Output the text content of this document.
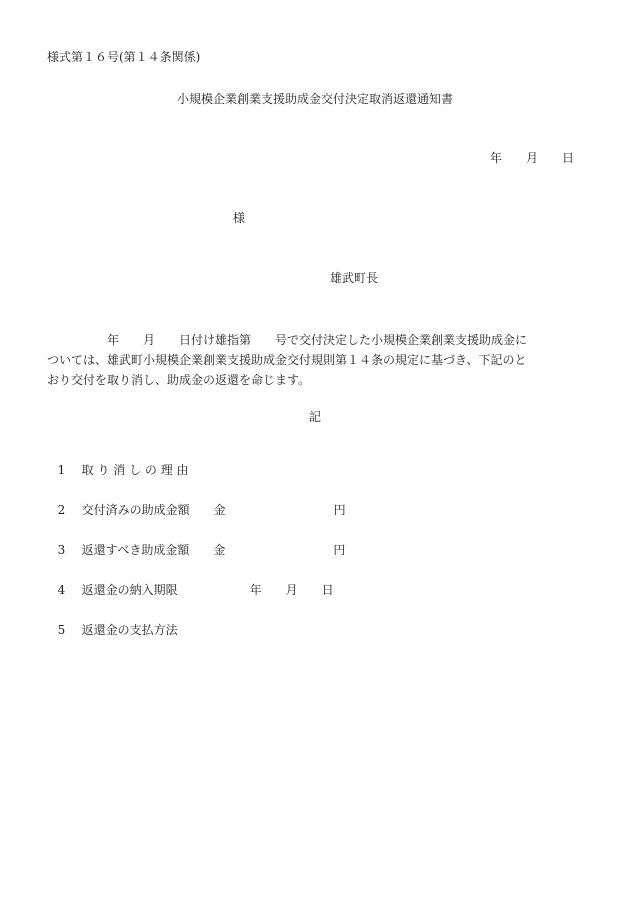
様式第１６号(第１４条関係)
小規模企業創業支援助成金交付決定取消返還通知書
年　　月　　日
様
雄武町長
　　　　　年　　月　　日付け雄指第　　号で交付決定した小規模企業創業支援助成金に
ついては、雄武町小規模企業創業支援助成金交付規則第１４条の規定に基づき、下記のと
おり交付を取り消し、助成金の返還を命じます。
記

1 取 り 消 し の 理 由

2 交付済みの助成金額　　金　　　　　　　　　円

3 返還すべき助成金額　　金　　　　　　　　　円

4 返還金の納入期限　　　　　　年　　月　　日

5 返還金の支払方法
